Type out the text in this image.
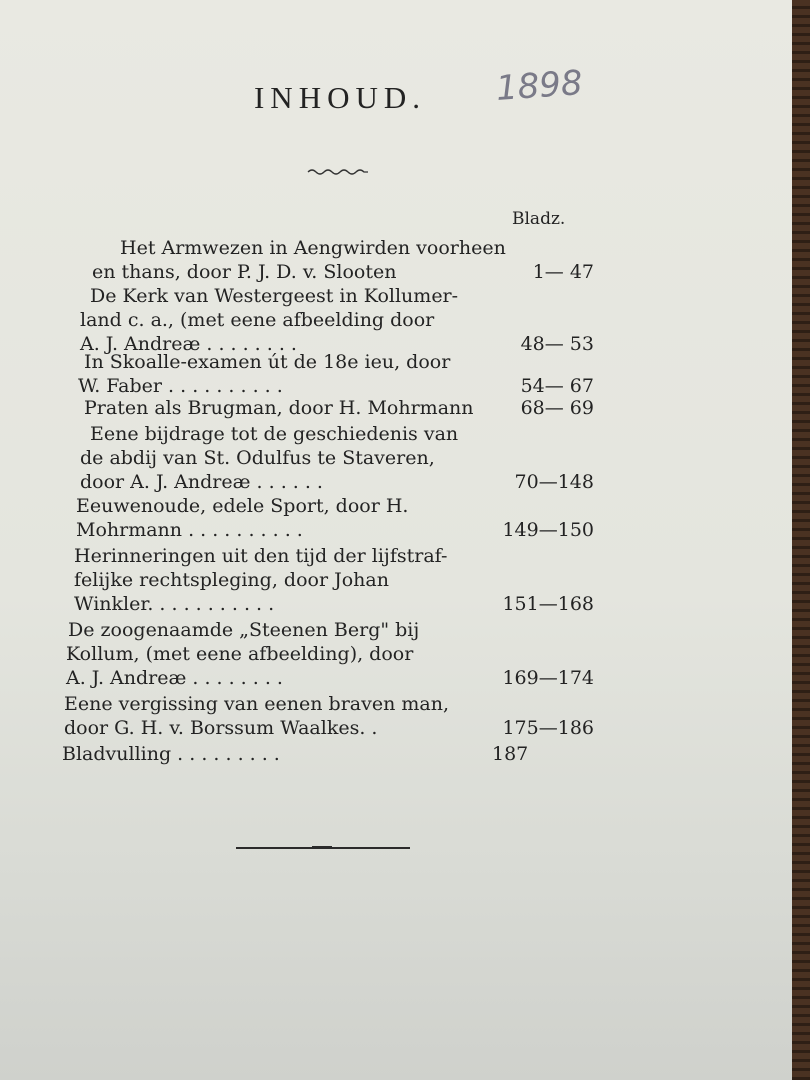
INHOUD.	1898
Bladz.
Het Armwezen in Aengwirden voorheen
en thans, door P. J. D. v. Slooten	1— 47
De Kerk van Westergeest in Kollumer-
land c. a., (met eene afbeelding door
A. J. Andreæ . . . . . . . .	48— 53
In Skoalle-examen út de 18e ieu, door
W. Faber . . . . . . . . . .	54— 67
Praten als Brugman, door H. Mohrmann	68— 69
Eene bijdrage tot de geschiedenis van
de abdij van St. Odulfus te Staveren,
door A. J. Andreæ . . . . . .	70—148
Eeuwenoude, edele Sport, door H.
Mohrmann . . . . . . . . . .	149—150
Herinneringen uit den tijd der lijfstraf-
felijke rechtspleging, door Johan
Winkler. . . . . . . . . . .	151—168
De zoogenaamde „Steenen Berg" bij
Kollum, (met eene afbeelding), door
A. J. Andreæ . . . . . . . .	169—174
Eene vergissing van eenen braven man,
door G. H. v. Borssum Waalkes. .	175—186
Bladvulling . . . . . . . . .	187
